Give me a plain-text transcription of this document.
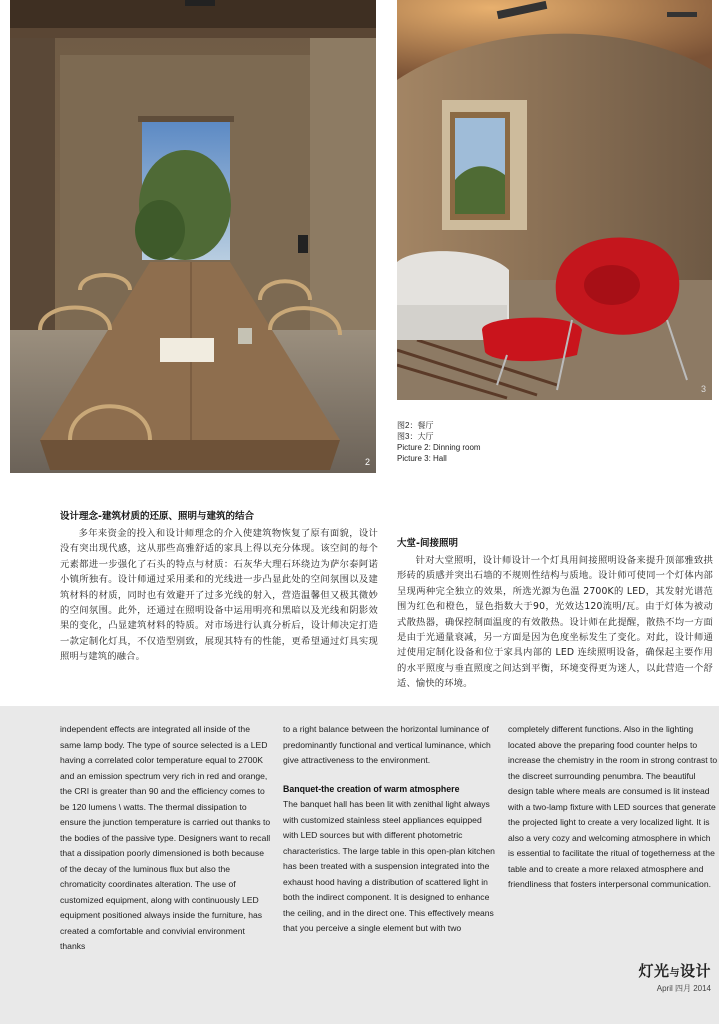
2
3
图2：餐厅
图3：大厅
Picture 2: Dinning room
Picture 3: Hall

设计理念-建筑材质的还原、照明与建筑的结合

多年来资金的投入和设计师理念的介入使建筑物恢复了原有面貌，设计没有突出现代感，这从那些高雅舒适的家具上得以充分体现。该空间的每个元素都进一步强化了石头的特点与材质：石灰华大理石环绕边为萨尔泰阿诺小镇所独有。设计师通过采用柔和的光线进一步凸显此处的空间氛围以及建筑材料的材质，同时也有效避开了过多光线的射入，营造温馨但又极其微妙的空间氛围。此外，还通过在照明设备中运用明亮和黑暗以及光线和阴影效果的变化，凸显建筑材料的特质。对市场进行认真分析后，设计师决定打造一款定制化灯具，不仅造型别致，展现其特有的性能，更希望通过灯具实现照明与建筑的融合。

大堂-间接照明

针对大堂照明，设计师设计一个灯具用间接照明设备来提升顶部雅致拱形砖的质感并突出石墙的不规则性结构与质地。设计师可使同一个灯体内部呈现两种完全独立的效果，所选光源为色温 2700K的 LED，其发射光谱范围为红色和橙色，显色指数大于90，光效达120流明/瓦。由于灯体为被动式散热器，确保控制面温度的有效散热。设计师在此提醒，散热不均一方面是由于光通量衰减，另一方面是因为色度坐标发生了变化。对此，设计师通过使用定制化设备和位于家具内部的 LED 连续照明设备，确保起主要作用的水平照度与垂直照度之间达到平衡，环境变得更为迷人，以此营造一个舒适、愉快的环境。

independent effects are integrated all inside of the same lamp body. The type of source selected is a LED having a correlated color temperature equal to 2700K and an emission spectrum very rich in red and orange, the CRI is greater than 90 and the efficiency comes to be 120 lumens \ watts. The thermal dissipation to ensure the junction temperature is carried out thanks to the bodies of the passive type. Designers want to recall that a dissipation poorly dimensioned is both because of the decay of the luminous flux but also the chromaticity coordinates alteration. The use of customized equipment, along with continuously LED equipment positioned always inside the furniture, has created a comfortable and convivial environment thanks

to a right balance between the horizontal luminance of predominantly functional and vertical luminance, which give attractiveness to the environment.

Banquet-the creation of warm atmosphere

The banquet hall has been lit with zenithal light always with customized stainless steel appliances equipped with LED sources but with different photometric characteristics. The large table in this open-plan kitchen has been treated with a suspension integrated into the exhaust hood having a distribution of scattered light in both the indirect component. It is designed to enhance the ceiling, and in the direct one. This effectively means that you perceive a single element but with two

completely different functions. Also in the lighting located above the preparing food counter helps to increase the chemistry in the room in strong contrast to the discreet surrounding penumbra. The beautiful design table where meals are consumed is lit instead with a two-lamp fixture with LED sources that generate the projected light to create a very localized light. It is also a very cozy and welcoming atmosphere in which is essential to facilitate the ritual of togetherness at the table and to create a more relaxed atmosphere and friendliness that fosters interpersonal communication.

灯光与设计
April 四月 2014
